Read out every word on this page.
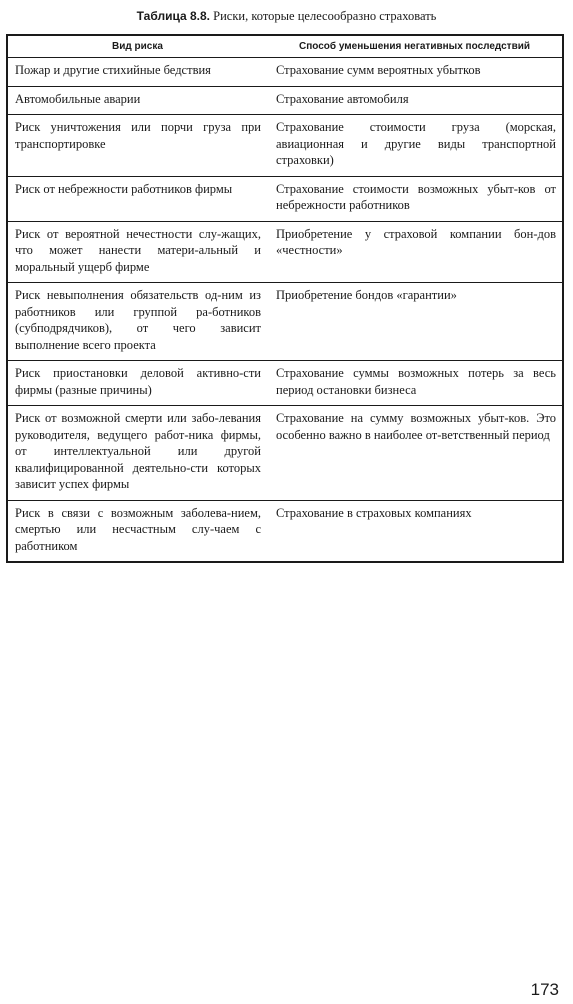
Таблица 8.8. Риски, которые целесообразно страховать
Вид риска	Способ уменьшения негативных последствий
Пожар и другие стихийные бедствия	Страхование сумм вероятных убытков
Автомобильные аварии	Страхование автомобиля
Риск уничтожения или порчи груза при транспортировке	Страхование стоимости груза (морская, авиационная и другие виды транспортной страховки)
Риск от небрежности работников фирмы	Страхование стоимости возможных убыт-ков от небрежности работников
Риск от вероятной нечестности слу-жащих, что может нанести матери-альный и моральный ущерб фирме	Приобретение у страховой компании бон-дов «честности»
Риск невыполнения обязательств од-ним из работников или группой ра-ботников (субподрядчиков), от чего зависит выполнение всего проекта	Приобретение бондов «гарантии»
Риск приостановки деловой активно-сти фирмы (разные причины)	Страхование суммы возможных потерь за весь период остановки бизнеса
Риск от возможной смерти или забо-левания руководителя, ведущего работ-ника фирмы, от интеллектуальной или другой квалифицированной деятельно-сти которых зависит успех фирмы	Страхование на сумму возможных убыт-ков. Это особенно важно в наиболее от-ветственный период
Риск в связи с возможным заболева-нием, смертью или несчастным слу-чаем с работником	Страхование в страховых компаниях
173
